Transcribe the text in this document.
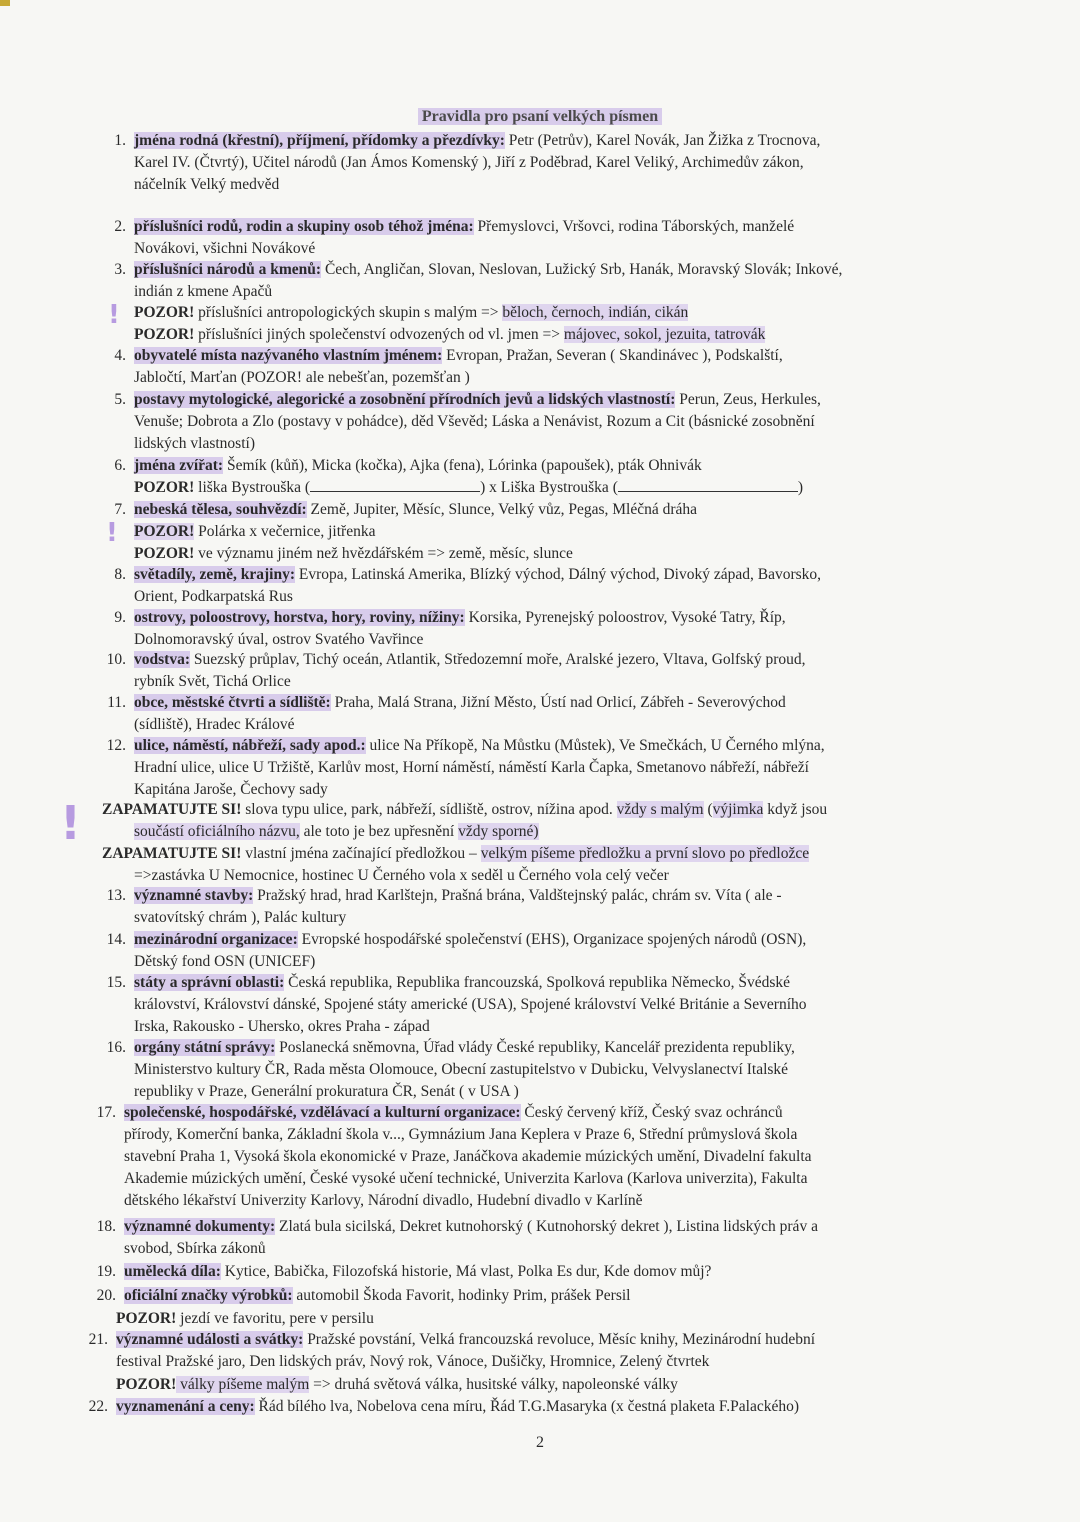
Pravidla pro psaní velkých písmen
1. jména rodná (křestní), příjmení, přídomky a přezdívky: Petr (Petrův), Karel Novák, Jan Žižka z Trocnova,
Karel IV. (Čtvrtý), Učitel národů (Jan Ámos Komenský ), Jiří z Poděbrad, Karel Veliký, Archimedův zákon,
náčelník Velký medvěd
2. příslušníci rodů, rodin a skupiny osob téhož jména: Přemyslovci, Vršovci, rodina Táborských, manželé
Novákovi, všichni Novákové
3. příslušníci národů a kmenů: Čech, Angličan, Slovan, Neslovan, Lužický Srb, Hanák, Moravský Slovák; Inkové,
indián z kmene Apačů
4. obyvatelé místa nazývaného vlastním jménem: Evropan, Pražan, Severan ( Skandinávec ), Podskalští,
Jabločtí, Marťan (POZOR! ale nebešťan, pozemšťan )
5. postavy mytologické, alegorické a zosobnění přírodních jevů a lidských vlastností: Perun, Zeus, Herkules,
Venuše; Dobrota a Zlo (postavy v pohádce), děd Vševěd; Láska a Nenávist, Rozum a Cit (básnické zosobnění
lidských vlastností)
6. jména zvířat: Šemík (kůň), Micka (kočka), Ajka (fena), Lórinka (papoušek), pták Ohnivák
7. nebeská tělesa, souhvězdí: Země, Jupiter, Měsíc, Slunce, Velký vůz, Pegas, Mléčná dráha
8. světadíly, země, krajiny: Evropa, Latinská Amerika, Blízký východ, Dálný východ, Divoký západ, Bavorsko,
Orient, Podkarpatská Rus
9. ostrovy, poloostrovy, horstva, hory, roviny, nížiny: Korsika, Pyrenejský poloostrov, Vysoké Tatry, Říp,
Dolnomoravský úval, ostrov Svatého Vavřince
10. vodstva: Suezský průplav, Tichý oceán, Atlantik, Středozemní moře, Aralské jezero, Vltava, Golfský proud,
rybník Svět, Tichá Orlice
11. obce, městské čtvrti a sídliště: Praha, Malá Strana, Jižní Město, Ústí nad Orlicí, Zábřeh - Severovýchod
(sídliště), Hradec Králové
12. ulice, náměstí, nábřeží, sady apod.: ulice Na Příkopě, Na Můstku (Můstek), Ve Smečkách, U Černého mlýna,
Hradní ulice, ulice U Tržiště, Karlův most, Horní náměstí, náměstí Karla Čapka, Smetanovo nábřeží, nábřeží
Kapitána Jaroše, Čechovy sady
13. významné stavby: Pražský hrad, hrad Karlštejn, Prašná brána, Valdštejnský palác, chrám sv. Víta ( ale -
svatovítský chrám ), Palác kultury
14. mezinárodní organizace: Evropské hospodářské společenství (EHS), Organizace spojených národů (OSN),
Dětský fond OSN (UNICEF)
15. státy a správní oblasti: Česká republika, Republika francouzská, Spolková republika Německo, Švédské
království, Království dánské, Spojené státy americké (USA), Spojené království Velké Británie a Severního
Irska, Rakousko - Uhersko, okres Praha - západ
16. orgány státní správy: Poslanecká sněmovna, Úřad vlády České republiky, Kancelář prezidenta republiky,
Ministerstvo kultury ČR, Rada města Olomouce, Obecní zastupitelstvo v Dubicku, Velvyslanectví Italské
republiky v Praze, Generální prokuratura ČR, Senát ( v USA )
17. společenské, hospodářské, vzdělávací a kulturní organizace: Český červený kříž, Český svaz ochránců
přírody, Komerční banka, Základní škola v..., Gymnázium Jana Keplera v Praze 6, Střední průmyslová škola
stavební Praha 1, Vysoká škola ekonomické v Praze, Janáčkova akademie múzických umění, Divadelní fakulta
Akademie múzických umění, České vysoké učení technické, Univerzita Karlova (Karlova univerzita), Fakulta
dětského lékařství Univerzity Karlovy, Národní divadlo, Hudební divadlo v Karlíně
18. významné dokumenty: Zlatá bula sicilská, Dekret kutnohorský ( Kutnohorský dekret ), Listina lidských práv a
svobod, Sbírka zákonů
19. umělecká díla: Kytice, Babička, Filozofská historie, Má vlast, Polka Es dur, Kde domov můj?
20. oficiální značky výrobků: automobil Škoda Favorit, hodinky Prim, prášek Persil
21. významné události a svátky: Pražské povstání, Velká francouzská revoluce, Měsíc knihy, Mezinárodní hudební
festival Pražské jaro, Den lidských práv, Nový rok, Vánoce, Dušičky, Hromnice, Zelený čtvrtek
22. vyznamenání a ceny: Řád bílého lva, Nobelova cena míru, Řád T.G.Masaryka (x čestná plaketa F.Palackého)
POZOR! příslušníci antropologických skupin s malým => běloch, černoch, indián, cikán
POZOR! příslušníci jiných společenství odvozených od vl. jmen => májovec, sokol, jezuita, tatrovák
POZOR! liška Bystrouška (	) x Liška Bystrouška (	)
POZOR! Polárka x večernice, jitřenka
POZOR! ve významu jiném než hvězdářském => země, měsíc, slunce
ZAPAMATUJTE SI! slova typu ulice, park, nábřeží, sídliště, ostrov, nížina apod. vždy s malým (výjimka když jsou
součástí oficiálního názvu, ale toto je bez upřesnění vždy sporné)
ZAPAMATUJTE SI! vlastní jména začínající předložkou – velkým píšeme předložku a první slovo po předložce
=>zastávka U Nemocnice, hostinec U Černého vola x seděl u Černého vola celý večer
POZOR! jezdí ve favoritu, pere v persilu
POZOR! války píšeme malým => druhá světová válka, husitské války, napoleonské války
!
!
!
2
